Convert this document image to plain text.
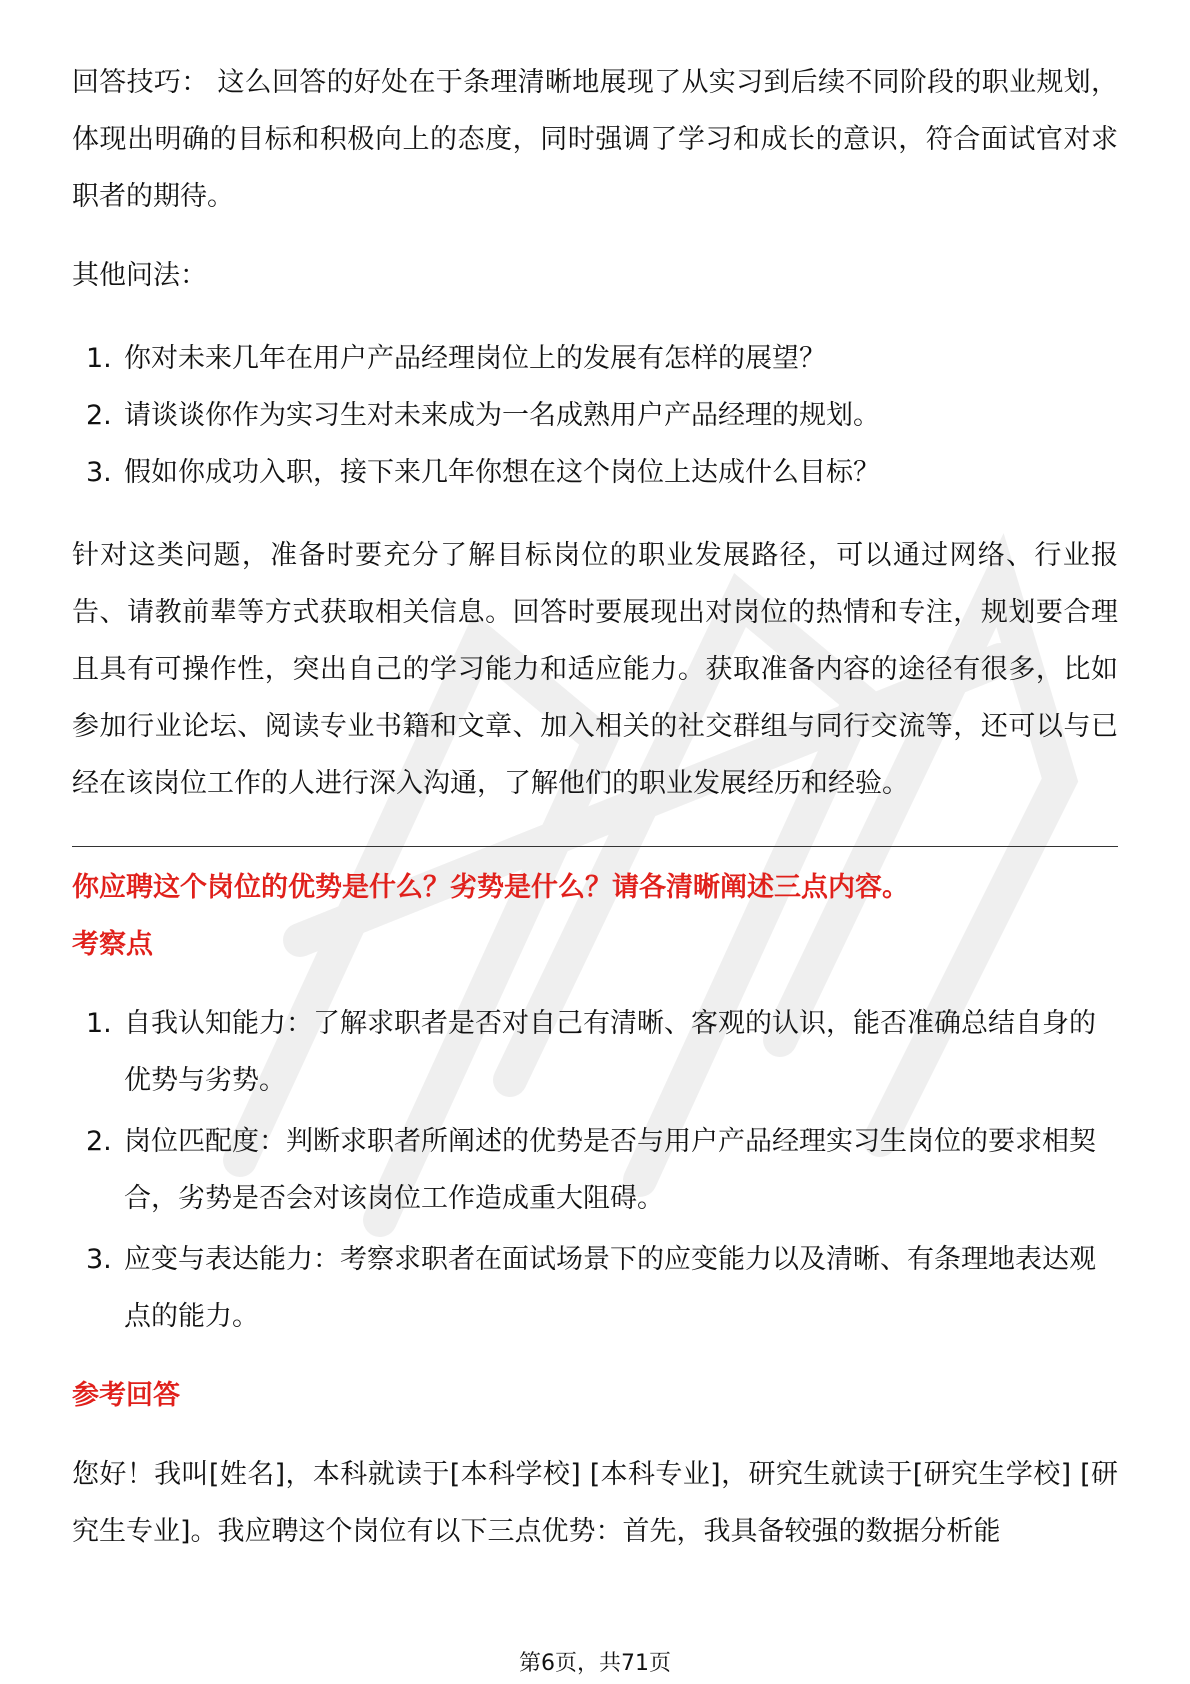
回答技巧： 这么回答的好处在于条理清晰地展现了从实习到后续不同阶段的职业规划，体现出明确的目标和积极向上的态度，同时强调了学习和成长的意识，符合面试官对求职者的期待。

其他问法：

1. 你对未来几年在用户产品经理岗位上的发展有怎样的展望？
2. 请谈谈你作为实习生对未来成为一名成熟用户产品经理的规划。
3. 假如你成功入职，接下来几年你想在这个岗位上达成什么目标？

针对这类问题，准备时要充分了解目标岗位的职业发展路径，可以通过网络、行业报告、请教前辈等方式获取相关信息。回答时要展现出对岗位的热情和专注，规划要合理且具有可操作性，突出自己的学习能力和适应能力。获取准备内容的途径有很多，比如参加行业论坛、阅读专业书籍和文章、加入相关的社交群组与同行交流等，还可以与已经在该岗位工作的人进行深入沟通，了解他们的职业发展经历和经验。

你应聘这个岗位的优势是什么？劣势是什么？请各清晰阐述三点内容。
考察点
1. 自我认知能力：了解求职者是否对自己有清晰、客观的认识，能否准确总结自身的优势与劣势。
2. 岗位匹配度：判断求职者所阐述的优势是否与用户产品经理实习生岗位的要求相契合，劣势是否会对该岗位工作造成重大阻碍。
3. 应变与表达能力：考察求职者在面试场景下的应变能力以及清晰、有条理地表达观点的能力。
参考回答

您好！我叫[姓名]，本科就读于[本科学校] [本科专业]，研究生就读于[研究生学校] [研究生专业]。我应聘这个岗位有以下三点优势：首先，我具备较强的数据分析能

第6页，共71页
